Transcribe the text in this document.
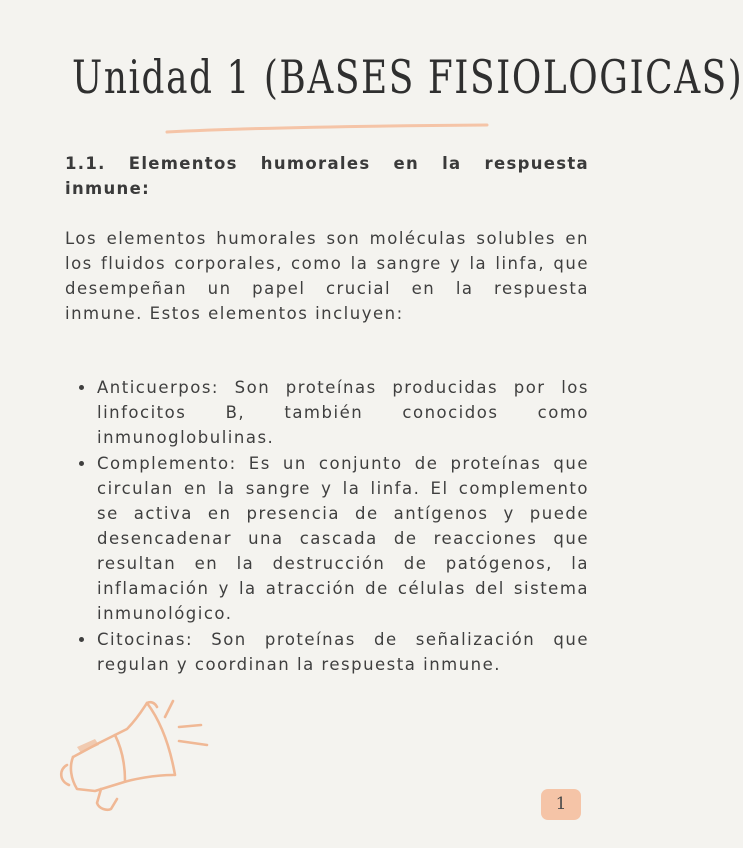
Unidad 1 (BASES FISIOLOGICAS)
1.1. Elementos humorales en la respuesta inmune:

Los elementos humorales son moléculas solubles en los fluidos corporales, como la sangre y la linfa, que desempeñan un papel crucial en la respuesta inmune. Estos elementos incluyen:

Anticuerpos: Son proteínas producidas por los linfocitos B, también conocidos como inmunoglobulinas.
Complemento: Es un conjunto de proteínas que circulan en la sangre y la linfa. El complemento se activa en presencia de antígenos y puede desencadenar una cascada de reacciones que resultan en la destrucción de patógenos, la inflamación y la atracción de células del sistema inmunológico.
Citocinas: Son proteínas de señalización que regulan y coordinan la respuesta inmune.
1
